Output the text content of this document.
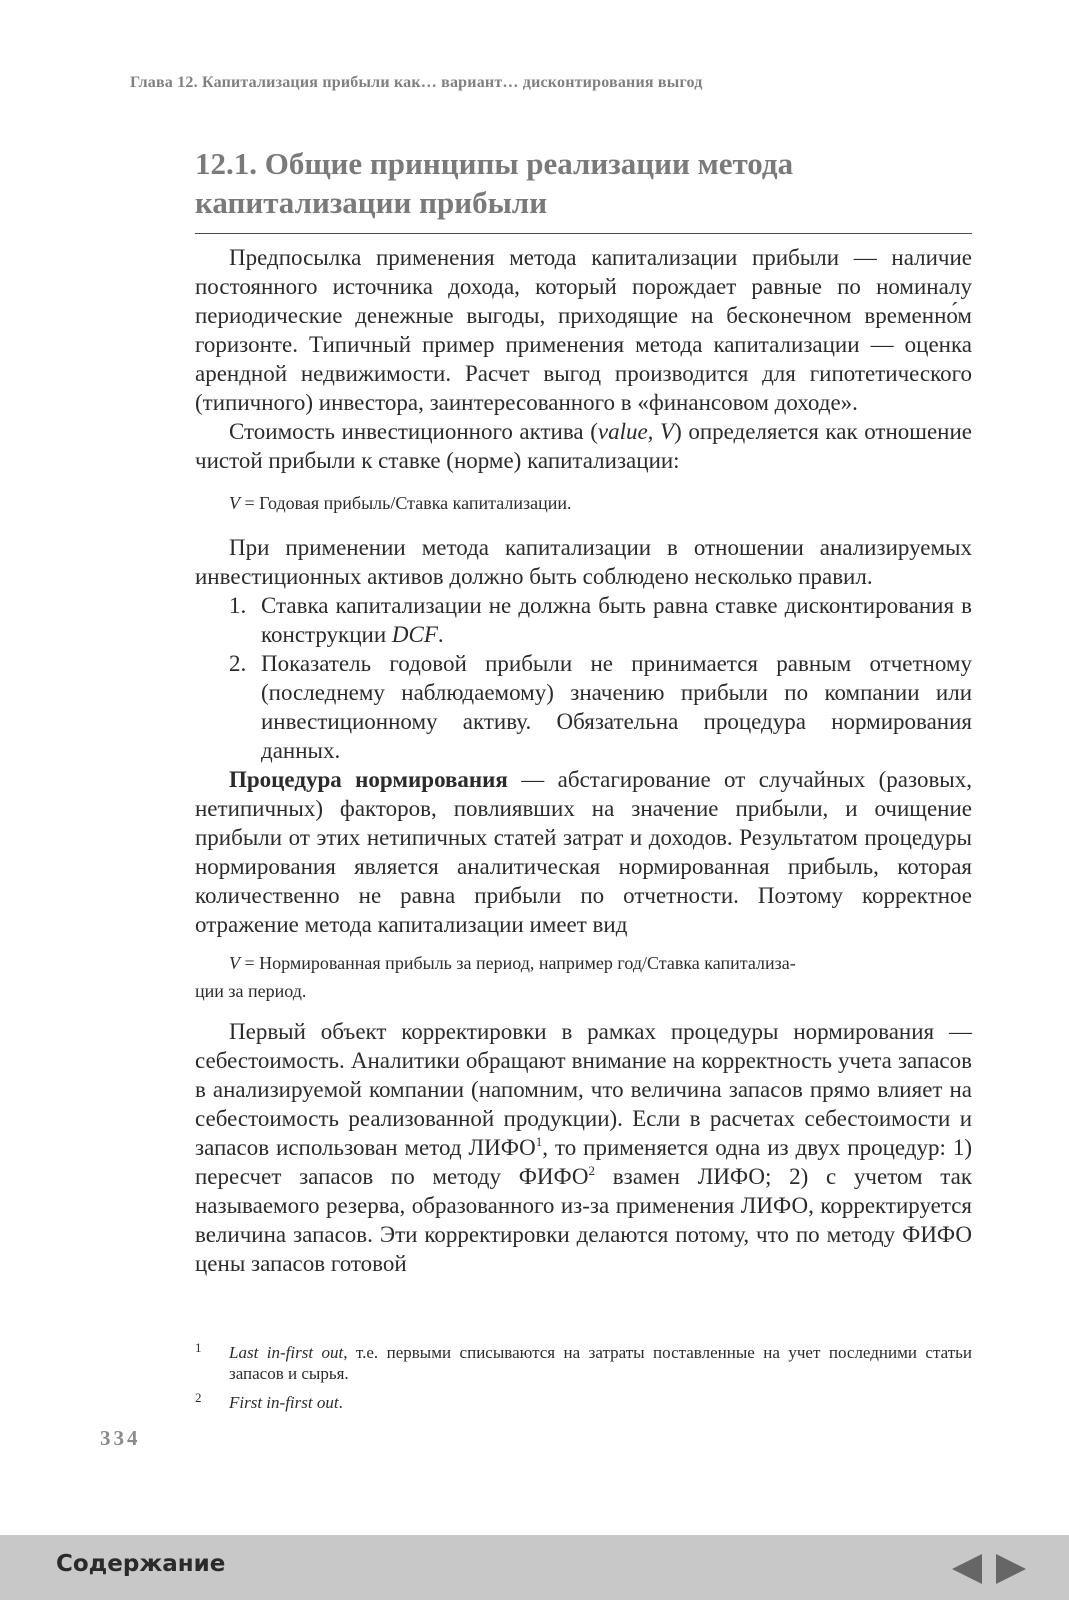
Глава 12. Капитализация прибыли как… вариант… дисконтирования выгод
12.1. Общие принципы реализации метода
капитализации прибыли

Предпосылка применения метода капитализации прибыли — наличие постоянного источника дохода, который порождает равные по номиналу периодические денежные выгоды, приходящие на бесконечном временно́м горизонте. Типичный пример применения метода капитализации — оценка арендной недвижимости. Расчет выгод производится для гипотетического (типичного) инвестора, заинтересованного в «финансовом доходе».

Стоимость инвестиционного актива (value, V) определяется как отношение чистой прибыли к ставке (норме) капитализации:

V = Годовая прибыль/Ставка капитализации.

При применении метода капитализации в отношении анализируемых инвестиционных активов должно быть соблюдено несколько правил.

1. Ставка капитализации не должна быть равна ставке дисконтирования в конструкции DCF.
2. Показатель годовой прибыли не принимается равным отчетному (последнему наблюдаемому) значению прибыли по компании или инвестиционному активу. Обязательна процедура нормирования данных.

Процедура нормирования — абстагирование от случайных (разовых, нетипичных) факторов, повлиявших на значение прибыли, и очищение прибыли от этих нетипичных статей затрат и доходов. Результатом процедуры нормирования является аналитическая нормированная прибыль, которая количественно не равна прибыли по отчетности. Поэтому корректное отражение метода капитализации имеет вид

V = Нормированная прибыль за период, например год/Ставка капитализа-
ции за период.

Первый объект корректировки в рамках процедуры нормирования — себестоимость. Аналитики обращают внимание на корректность учета запасов в анализируемой компании (напомним, что величина запасов прямо влияет на себестоимость реализованной продукции). Если в расчетах себестоимости и запасов использован метод ЛИФО$^1$, то применяется одна из двух процедур: 1) пересчет запасов по методу ФИФО$^2$ взамен ЛИФО; 2) с учетом так называемого резерва, образованного из-за применения ЛИФО, корректируется величина запасов. Эти корректировки делаются потому, что по методу ФИФО цены запасов готовой

1 Last in-first out, т.е. первыми списываются на затраты поставленные на учет последними статьи запасов и сырья.
2 First in-first out.
334
Содержание
